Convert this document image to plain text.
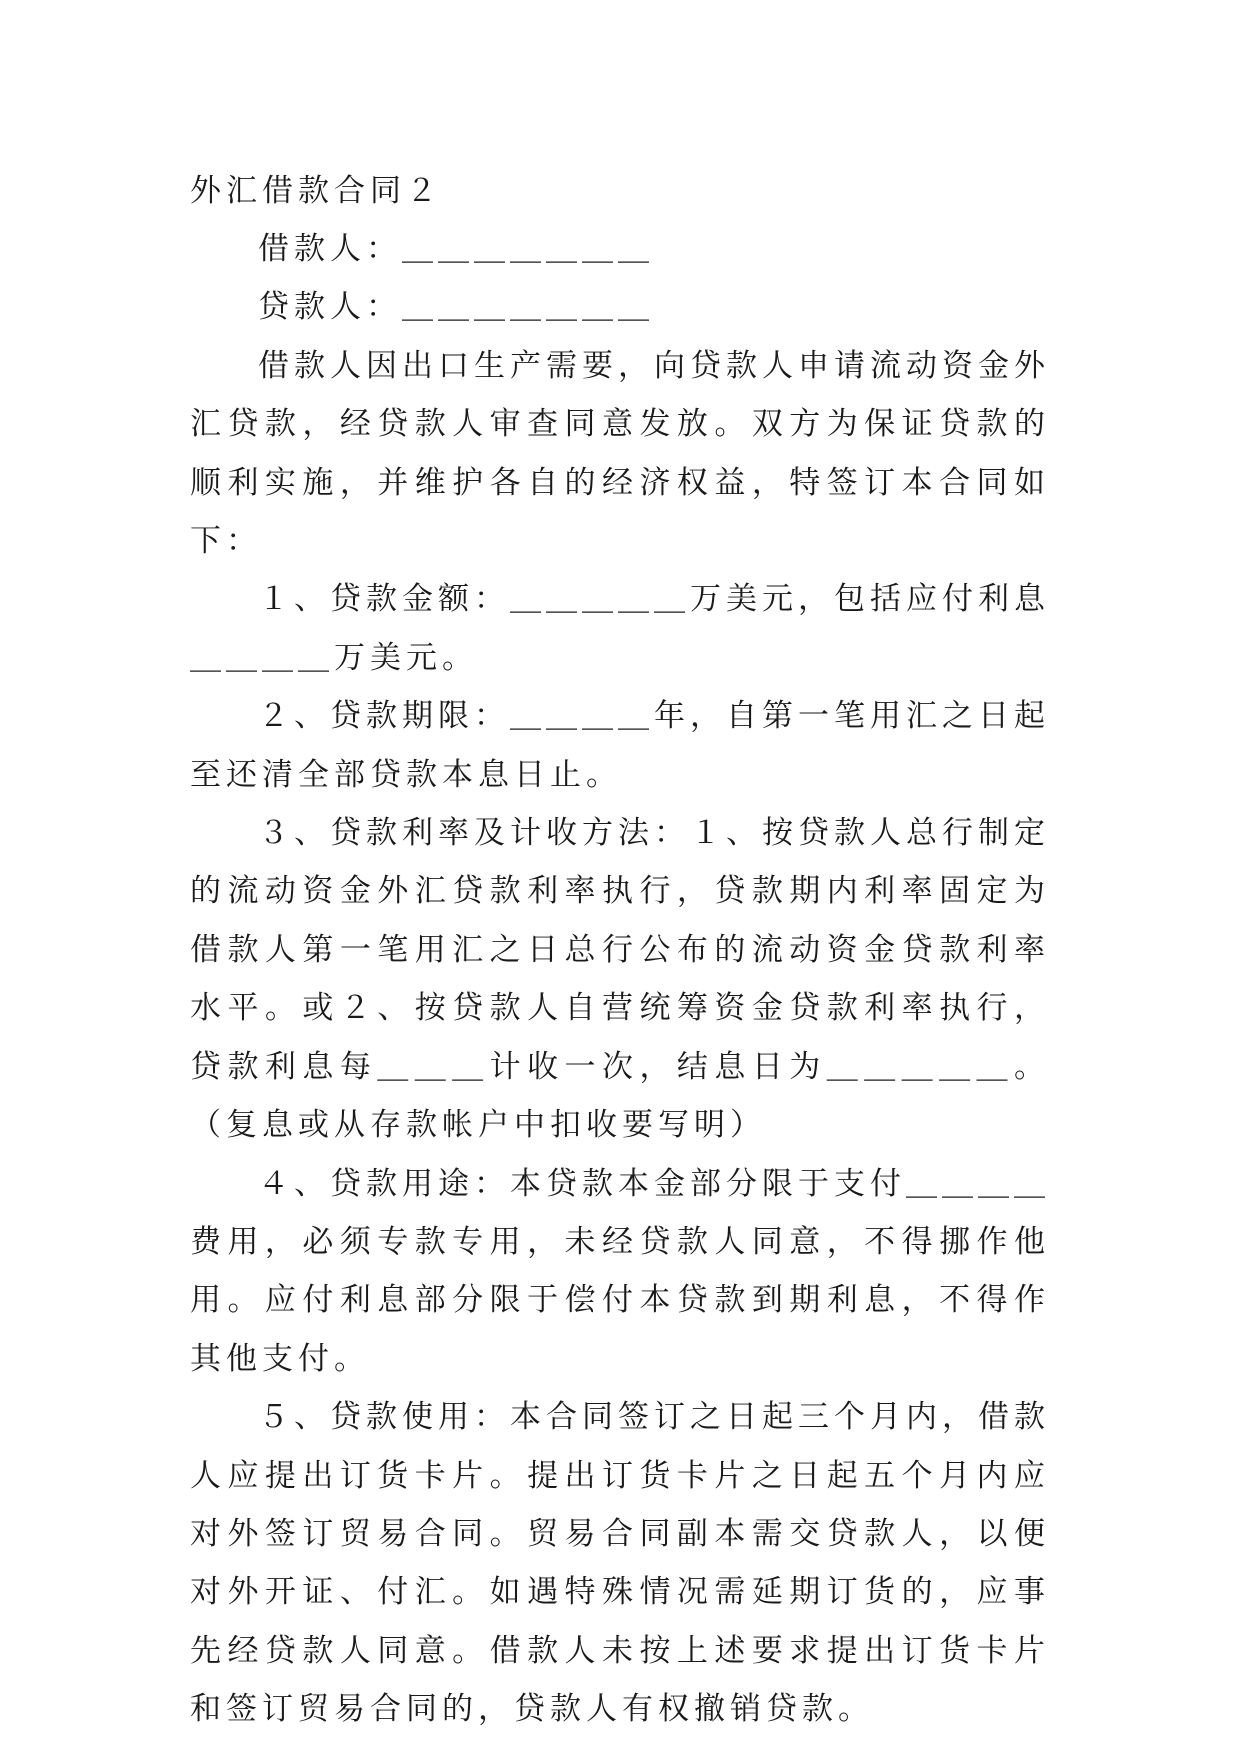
外汇借款合同２

借款人：＿＿＿＿＿＿＿

贷款人：＿＿＿＿＿＿＿

借款人因出口生产需要，向贷款人申请流动资金外汇贷款，经贷款人审查同意发放。双方为保证贷款的顺利实施，并维护各自的经济权益，特签订本合同如下：

１、贷款金额：＿＿＿＿＿万美元，包括应付利息＿＿＿＿万美元。

２、贷款期限：＿＿＿＿年，自第一笔用汇之日起至还清全部贷款本息日止。

３、贷款利率及计收方法：１、按贷款人总行制定的流动资金外汇贷款利率执行，贷款期内利率固定为借款人第一笔用汇之日总行公布的流动资金贷款利率水平。或２、按贷款人自营统筹资金贷款利率执行，贷款利息每＿＿＿计收一次，结息日为＿＿＿＿＿。（复息或从存款帐户中扣收要写明）

４、贷款用途：本贷款本金部分限于支付＿＿＿＿费用，必须专款专用，未经贷款人同意，不得挪作他用。应付利息部分限于偿付本贷款到期利息，不得作其他支付。

５、贷款使用：本合同签订之日起三个月内，借款人应提出订货卡片。提出订货卡片之日起五个月内应对外签订贸易合同。贸易合同副本需交贷款人，以便对外开证、付汇。如遇特殊情况需延期订货的，应事先经贷款人同意。借款人未按上述要求提出订货卡片和签订贸易合同的，贷款人有权撤销贷款。
